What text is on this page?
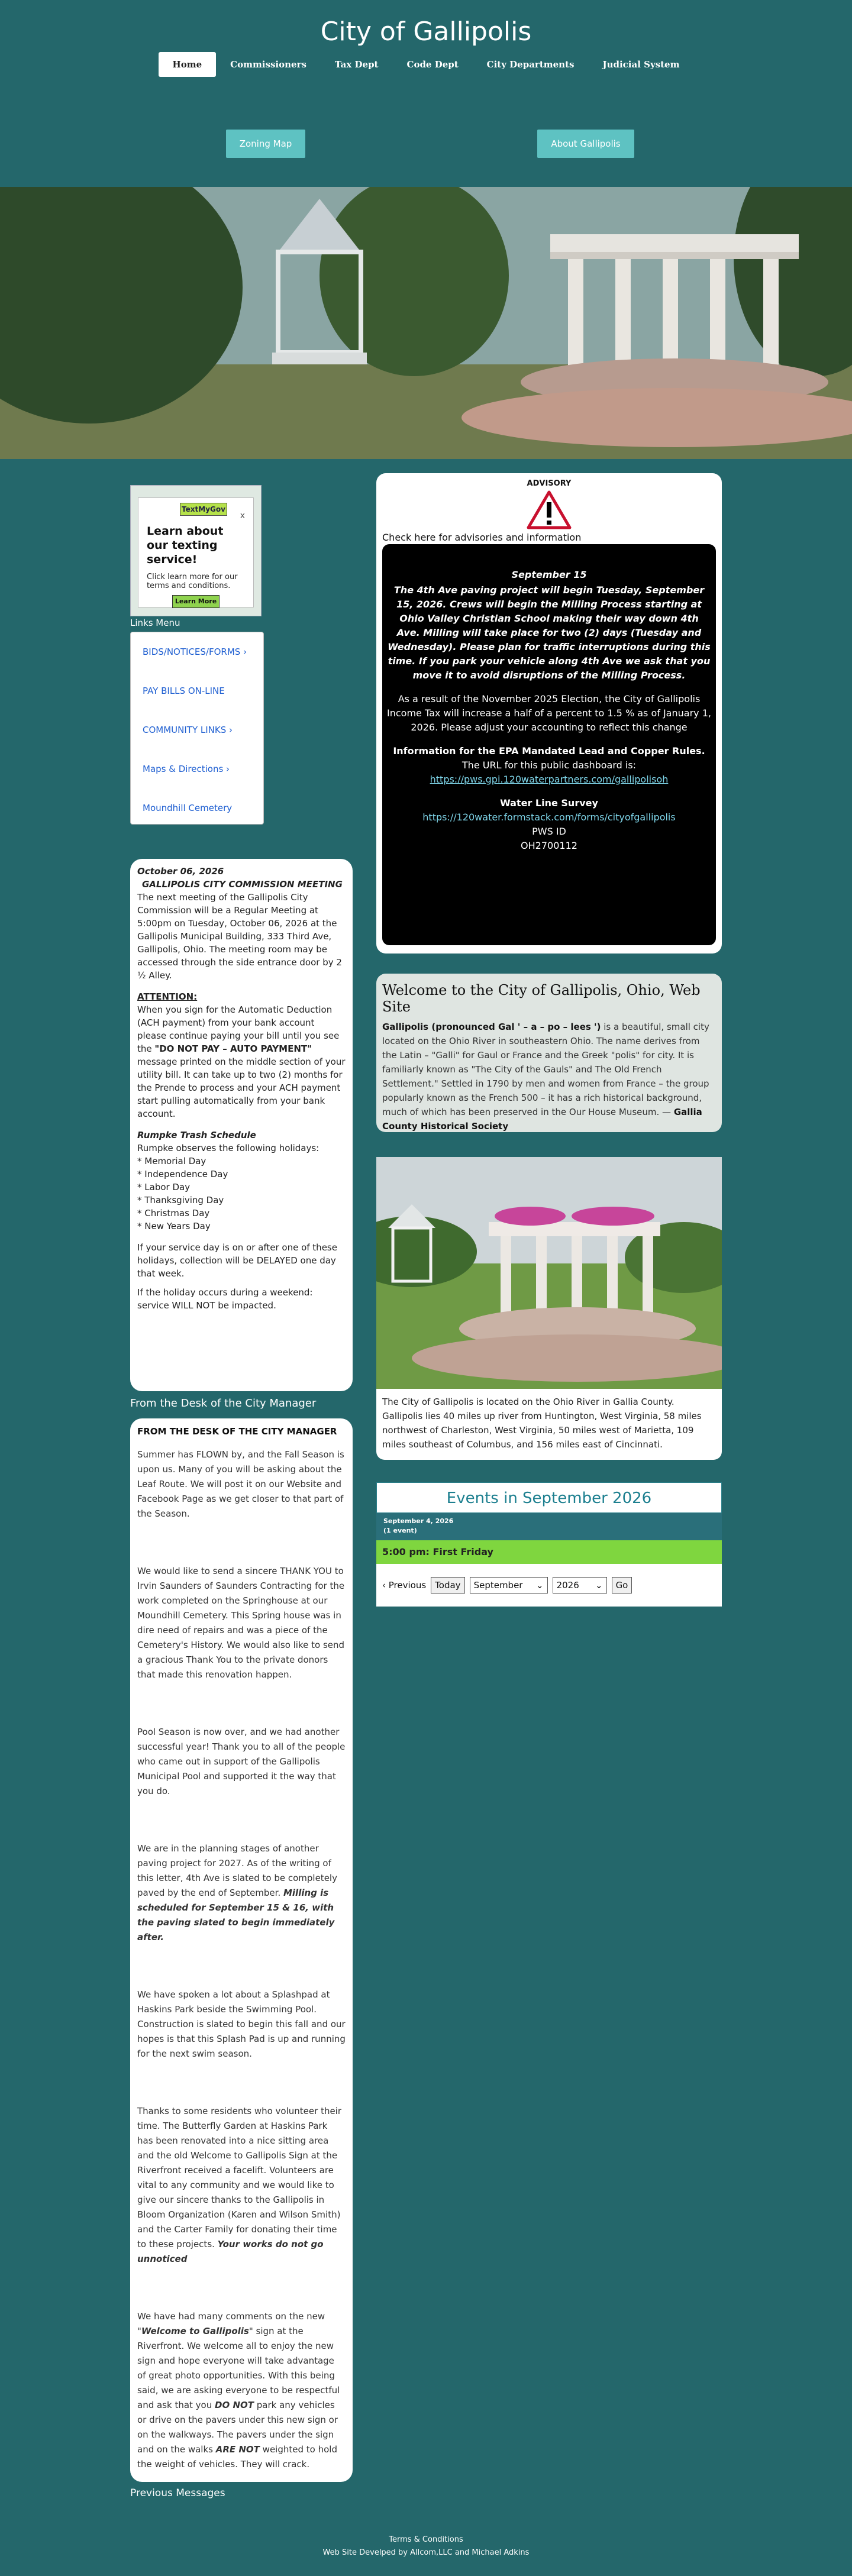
City of Gallipolis
Home	Commissioners	Tax Dept	Code Dept	City Departments	Judicial System
Zoning Map	About Gallipolis
TextMyGov
x
Learn about our texting service!
Click learn more for our terms and conditions.
Learn More
Links Menu
BIDS/NOTICES/FORMS ›
PAY BILLS ON-LINE
COMMUNITY LINKS ›
Maps & Directions ›
Moundhill Cemetery
October 06, 2026
GALLIPOLIS CITY COMMISSION MEETING

The next meeting of the Gallipolis City Commission will be a Regular Meeting at 5:00pm on Tuesday, October 06, 2026 at the Gallipolis Municipal Building, 333 Third Ave, Gallipolis, Ohio. The meeting room may be accessed through the side entrance door by 2 ½ Alley.

ATTENTION:

When you sign for the Automatic Deduction (ACH payment) from your bank account please continue paying your bill until you see the "DO NOT PAY – AUTO PAYMENT" message printed on the middle section of your utility bill. It can take up to two (2) months for the Prende to process and your ACH payment start pulling automatically from your bank account.

Rumpke Trash Schedule
Rumpke observes the following holidays:
* Memorial Day
* Independence Day
* Labor Day
* Thanksgiving Day
* Christmas Day
* New Years Day

If your service day is on or after one of these holidays, collection will be DELAYED one day that week.

If the holiday occurs during a weekend: service WILL NOT be impacted.

From the Desk of the City Manager
FROM THE DESK OF THE CITY MANAGER

Summer has FLOWN by, and the Fall Season is upon us. Many of you will be asking about the Leaf Route. We will post it on our Website and Facebook Page as we get closer to that part of the Season.

We would like to send a sincere THANK YOU to Irvin Saunders of Saunders Contracting for the work completed on the Springhouse at our Moundhill Cemetery. This Spring house was in dire need of repairs and was a piece of the Cemetery's History. We would also like to send a gracious Thank You to the private donors that made this renovation happen.

Pool Season is now over, and we had another successful year! Thank you to all of the people who came out in support of the Gallipolis Municipal Pool and supported it the way that you do.

We are in the planning stages of another paving project for 2027. As of the writing of this letter, 4th Ave is slated to be completely paved by the end of September. Milling is scheduled for September 15 & 16, with the paving slated to begin immediately after.

We have spoken a lot about a Splashpad at Haskins Park beside the Swimming Pool. Construction is slated to begin this fall and our hopes is that this Splash Pad is up and running for the next swim season.

Thanks to some residents who volunteer their time. The Butterfly Garden at Haskins Park has been renovated into a nice sitting area and the old Welcome to Gallipolis Sign at the Riverfront received a facelift. Volunteers are vital to any community and we would like to give our sincere thanks to the Gallipolis in Bloom Organization (Karen and Wilson Smith) and the Carter Family for donating their time to these projects. Your works do not go unnoticed

We have had many comments on the new "Welcome to Gallipolis" sign at the Riverfront. We welcome all to enjoy the new sign and hope everyone will take advantage of great photo opportunities. With this being said, we are asking everyone to be respectful and ask that you DO NOT park any vehicles or drive on the pavers under this new sign or on the walkways. The pavers under the sign and on the walks ARE NOT weighted to hold the weight of vehicles. They will crack.

Previous Messages
ADVISORY
Check here for advisories and information

September 15

The 4th Ave paving project will begin Tuesday, September 15, 2026. Crews will begin the Milling Process starting at Ohio Valley Christian School making their way down 4th Ave. Milling will take place for two (2) days (Tuesday and Wednesday). Please plan for traffic interruptions during this time. If you park your vehicle along 4th Ave we ask that you move it to avoid disruptions of the Milling Process.

As a result of the November 2025 Election, the City of Gallipolis Income Tax will increase a half of a percent to 1.5 % as of January 1, 2026. Please adjust your accounting to reflect this change

Information for the EPA Mandated Lead and Copper Rules.
The URL for this public dashboard is:

https://pws.gpi.120waterpartners.com/gallipolisoh

Water Line Survey
https://120water.formstack.com/forms/cityofgallipolis
PWS ID
OH2700112
Welcome to the City of Gallipolis, Ohio, Web Site

Gallipolis (pronounced Gal ' – a – po – lees ') is a beautiful, small city located on the Ohio River in southeastern Ohio. The name derives from the Latin – "Galli" for Gaul or France and the Greek "polis" for city. It is familiarly known as "The City of the Gauls" and The Old French Settlement." Settled in 1790 by men and women from France – the group popularly known as the French 500 – it has a rich historical background, much of which has been preserved in the Our House Museum. — Gallia County Historical Society

The City of Gallipolis is located on the Ohio River in Gallia County. Gallipolis lies 40 miles up river from Huntington, West Virginia, 58 miles northwest of Charleston, West Virginia, 50 miles west of Marietta, 109 miles southeast of Columbus, and 156 miles east of Cincinnati.
Events in September 2026
September 4, 2026
(1 event)
5:00 pm: First Friday
‹ Previous	Today	September ⌄ 2026 ⌄	Go
Terms & Conditions
Web Site Develped by Allcom,LLC and Michael Adkins
